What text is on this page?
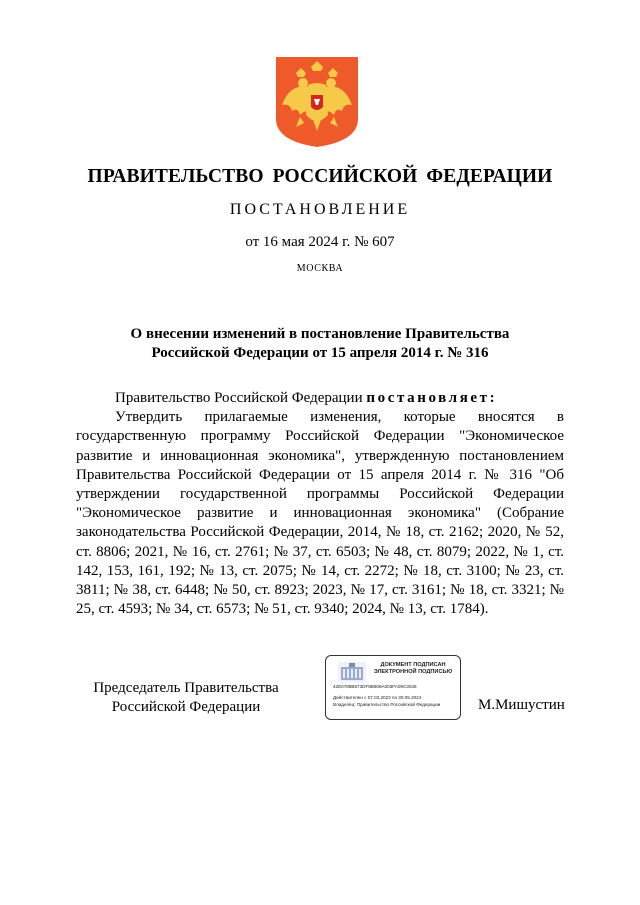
ПРАВИТЕЛЬСТВО РОССИЙСКОЙ ФЕДЕРАЦИИ
ПОСТАНОВЛЕНИЕ
от 16 мая 2024 г. № 607
МОСКВА
О внесении изменений в постановление Правительства
Российской Федерации от 15 апреля 2014 г. № 316

Правительство Российской Федерации постановляет:

Утвердить прилагаемые изменения, которые вносятся в государственную программу Российской Федерации "Экономическое развитие и инновационная экономика", утвержденную постановлением Правительства Российской Федерации от 15 апреля 2014 г. № 316 "Об утверждении государственной программы Российской Федерации "Экономическое развитие и инновационная экономика" (Собрание законодательства Российской Федерации, 2014, № 18, ст. 2162; 2020, № 52, ст. 8806; 2021, № 16, ст. 2761; № 37, ст. 6503; № 48, ст. 8079; 2022, № 1, ст. 142, 153, 161, 192; № 13, ст. 2075; № 14, ст. 2272; № 18, ст. 3100; № 23, ст. 3811; № 38, ст. 6448; № 50, ст. 8923; 2023, № 17, ст. 3161; № 18, ст. 3321; № 25, ст. 4593; № 34, ст. 6573; № 51, ст. 9340; 2024, № 13, ст. 1784).

Председатель Правительства
Российской Федерации
ДОКУМЕНТ ПОДПИСАН
ЭЛЕКТРОННОЙ ПОДПИСЬЮ
42E0788B573DF8B808A003FA09C3038
Действителен с 07.03.2023 по 30.05.2024
Владелец: Правительство Российской Федерации	М.Мишустин
